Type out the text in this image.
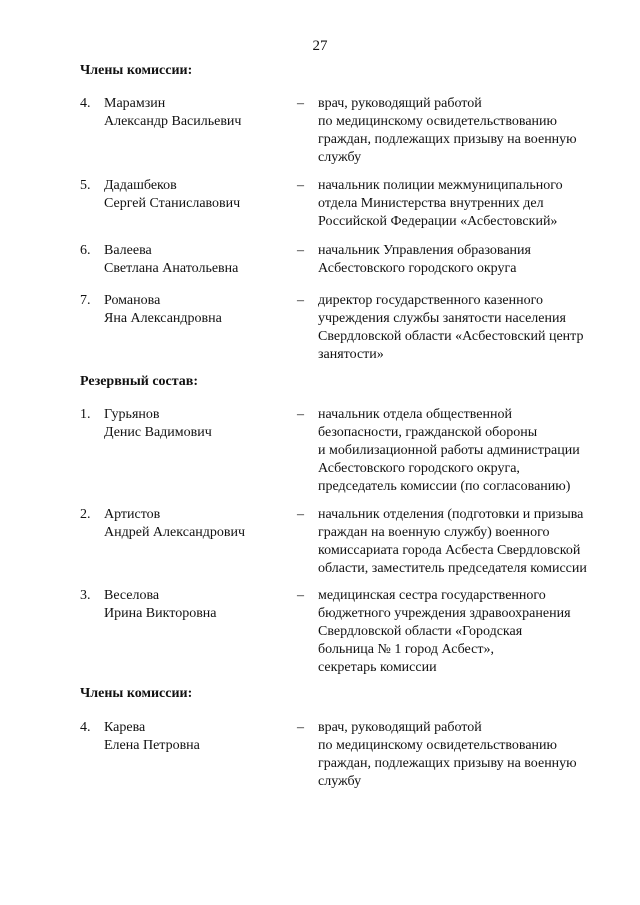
27
Члены комиссии:
4. Марамзин
Александр Васильевич
– врач, руководящий работой
по медицинскому освидетельствованию
граждан, подлежащих призыву на военную
службу
5. Дадашбеков
Сергей Станиславович
– начальник полиции межмуниципального
отдела Министерства внутренних дел
Российской Федерации «Асбестовский»
6. Валеева
Светлана Анатольевна
– начальник Управления образования
Асбестовского городского округа
7. Романова
Яна Александровна
– директор государственного казенного
учреждения службы занятости населения
Свердловской области «Асбестовский центр
занятости»
Резервный состав:
1. Гурьянов
Денис Вадимович
– начальник отдела общественной
безопасности, гражданской обороны
и мобилизационной работы администрации
Асбестовского городского округа,
председатель комиссии (по согласованию)
2. Артистов
Андрей Александрович
– начальник отделения (подготовки и призыва
граждан на военную службу) военного
комиссариата города Асбеста Свердловской
области, заместитель председателя комиссии
3. Веселова
Ирина Викторовна
– медицинская сестра государственного
бюджетного учреждения здравоохранения
Свердловской области «Городская
больница № 1 город Асбест»,
секретарь комиссии
Члены комиссии:
4. Карева
Елена Петровна
– врач, руководящий работой
по медицинскому освидетельствованию
граждан, подлежащих призыву на военную
службу
